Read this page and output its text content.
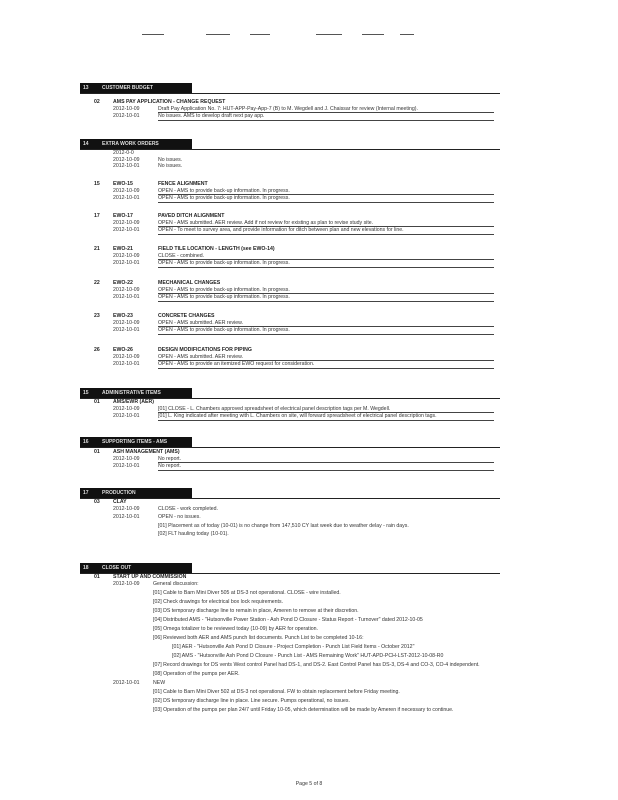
13	CUSTOMER BUDGET
02	AMS PAY APPLICATION - CHANGE REQUEST
2012-10-09	Draft Pay Application No. 7: HUT-APP-Pay-App-7 (B) to M. Wegdell and J. Chaissar for review (Internal meeting).
2012-10-01	No issues. AMS to develop draft next pay app.
14	EXTRA WORK ORDERS
2012-0-0
2012-10-09	No issues.
2012-10-01	No issues.
15	EWO-15	FENCE ALIGNMENT
2012-10-09	OPEN - AMS to provide back-up information. In progress.
2012-10-01	OPEN - AMS to provide back-up information. In progress.
17	EWO-17	PAVED DITCH ALIGNMENT
2012-10-09	OPEN - AMS submitted. AER review. Add if not review for existing as plan to revise study site.
2012-10-01	OPEN - To meet to survey area, and provide information for ditch between plan and new elevations for line.
21	EWO-21	FIELD TILE LOCATION - LENGTH (see EWO-14)
2012-10-09	CLOSE - combined.
2012-10-01	OPEN - AMS to provide back-up information. In progress.
22	EWO-22	MECHANICAL CHANGES
2012-10-09	OPEN - AMS to provide back-up information. In progress.
2012-10-01	OPEN - AMS to provide back-up information. In progress.
23	EWO-23	CONCRETE CHANGES
2012-10-09	OPEN - AMS submitted. AER review.
2012-10-01	OPEN - AMS to provide back-up information. In progress.
26	EWO-26	DESIGN MODIFICATIONS FOR PIPING
2012-10-09	OPEN - AMS submitted. AER review.
2012-10-01	OPEN - AMS to provide an itemized EWO request for consideration.
15	ADMINISTRATIVE ITEMS
01	AMS/EWR (AER)
2012-10-09	[01] CLOSE - L. Chambers approved spreadsheet of electrical panel description tags per M. Wegdell.
2012-10-01	[01] L. King indicated after meeting with L. Chambers on site, will forward spreadsheet of electrical panel description tags.
16	SUPPORTING ITEMS - AMS
01	ASH MANAGEMENT (AMS)
2012-10-09	No report.
2012-10-01	No report.
17	PRODUCTION
03	CLAY
2012-10-09	CLOSE - work completed.
2012-10-01	OPEN - no issues.
[01] Placement as of today (10-01) is no change from 147,510 CY last week due to weather delay - rain days.
[02] FLT hauling today (10-01).
18	CLOSE OUT
01	START UP AND COMMISSION
2012-10-09	General discussion:
[01] Cable to Barn Mini Diver 505 at DS-3 not operational. CLOSE - wire installed.
[02] Check drawings for electrical box lock requirements.
[03] DS temporary discharge line to remain in place, Ameren to remove at their discretion.
[04] Distributed AMS - "Hutsonville Power Station - Ash Pond D Closure - Status Report - Turnover" dated 2012-10-05
[05] Omega totalizer to be reviewed today (10-09) by AER for operation.
[06] Reviewed both AER and AMS punch list documents. Punch List to be completed 10-16:
[01] AER - "Hutsonville Ash Pond D Closure - Project Completion - Punch List Field Items - October 2012"
[02] AMS - "Hutsonville Ash Pond D Closure - Punch List - AMS Remaining Work" HUT-APD-PCH-LST-2012-10-08-R0
[07] Record drawings for DS vents West control Panel had DS-1, and DS-2. East Control Panel has DS-3, DS-4 and CO-3, CO-4 independent.
[08] Operation of the pumps per AER.
2012-10-01	NEW
[01] Cable to Barn Mini Diver 502 at DS-3 not operational. FW to obtain replacement before Friday meeting.
[02] DS temporary discharge line in place. Line secure. Pumps operational, no issues.
[03] Operation of the pumps per plan 24/7 until Friday 10-05, which determination will be made by Ameren if necessary to continue.
Page 5 of 8
